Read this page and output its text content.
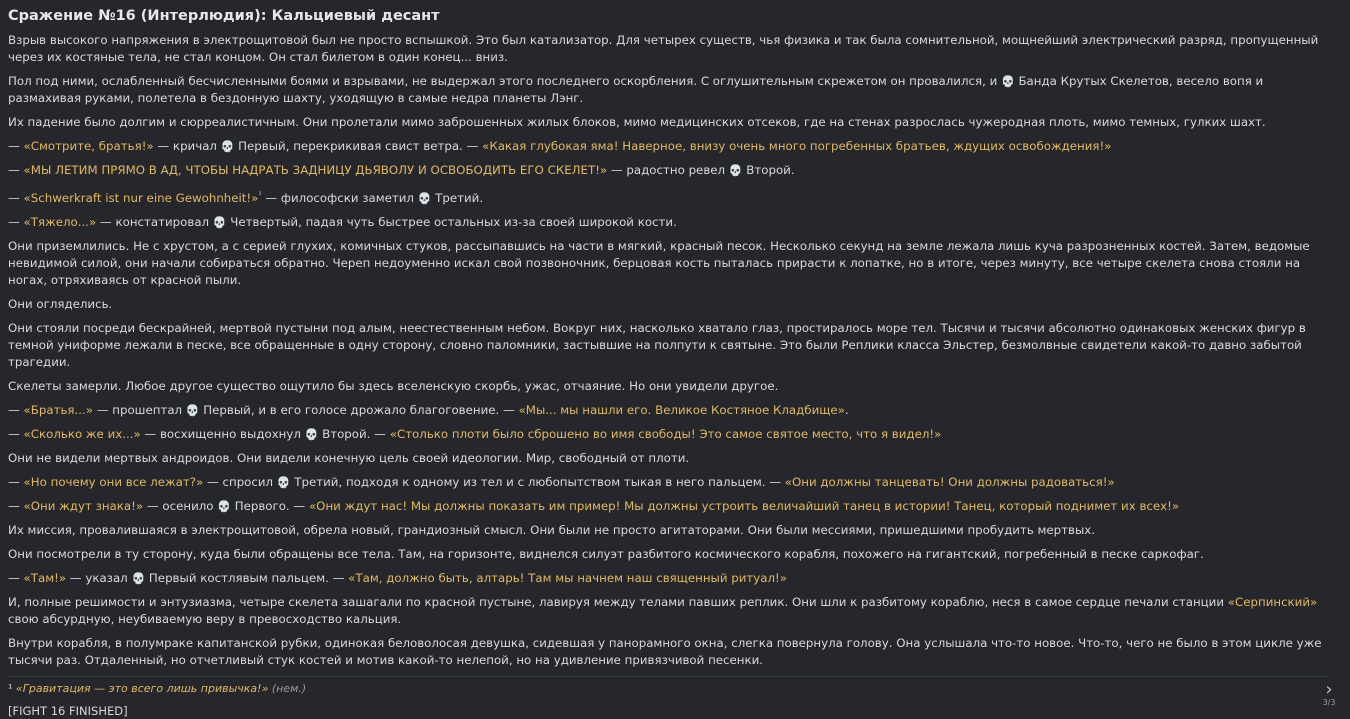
Сражение №16 (Интерлюдия): Кальциевый десант

Взрыв высокого напряжения в электрощитовой был не просто вспышкой. Это был катализатор. Для четырех существ, чья физика и так была сомнительной, мощнейший электрический разряд, пропущенный через их костяные тела, не стал концом. Он стал билетом в один конец... вниз.

Пол под ними, ослабленный бесчисленными боями и взрывами, не выдержал этого последнего оскорбления. С оглушительным скрежетом он провалился, и 💀 Банда Крутых Скелетов, весело вопя и размахивая руками, полетела в бездонную шахту, уходящую в самые недра планеты Лэнг.

Их падение было долгим и сюрреалистичным. Они пролетали мимо заброшенных жилых блоков, мимо медицинских отсеков, где на стенах разрослась чужеродная плоть, мимо темных, гулких шахт.

— «Смотрите, братья!» — кричал 💀 Первый, перекрикивая свист ветра. — «Какая глубокая яма! Наверное, внизу очень много погребенных братьев, ждущих освобождения!»

— «МЫ ЛЕТИМ ПРЯМО В АД, ЧТОБЫ НАДРАТЬ ЗАДНИЦУ ДЬЯВОЛУ И ОСВОБОДИТЬ ЕГО СКЕЛЕТ!» — радостно ревел 💀 Второй.

— «Schwerkraft ist nur eine Gewohnheit!»$^{^1}$ — философски заметил 💀 Третий.

— «Тяжело...» — констатировал 💀 Четвертый, падая чуть быстрее остальных из-за своей широкой кости.

Они приземлились. Не с хрустом, а с серией глухих, комичных стуков, рассыпавшись на части в мягкий, красный песок. Несколько секунд на земле лежала лишь куча разрозненных костей. Затем, ведомые невидимой силой, они начали собираться обратно. Череп недоуменно искал свой позвоночник, берцовая кость пыталась прирасти к лопатке, но в итоге, через минуту, все четыре скелета снова стояли на ногах, отряхиваясь от красной пыли.

Они огляделись.

Они стояли посреди бескрайней, мертвой пустыни под алым, неестественным небом. Вокруг них, насколько хватало глаз, простиралось море тел. Тысячи и тысячи абсолютно одинаковых женских фигур в темной униформе лежали в песке, все обращенные в одну сторону, словно паломники, застывшие на полпути к святыне. Это были Реплики класса Эльстер, безмолвные свидетели какой-то давно забытой трагедии.

Скелеты замерли. Любое другое существо ощутило бы здесь вселенскую скорбь, ужас, отчаяние. Но они увидели другое.

— «Братья...» — прошептал 💀 Первый, и в его голосе дрожало благоговение. — «Мы... мы нашли его. Великое Костяное Кладбище».

— «Сколько же их...» — восхищенно выдохнул 💀 Второй. — «Столько плоти было сброшено во имя свободы! Это самое святое место, что я видел!»

Они не видели мертвых андроидов. Они видели конечную цель своей идеологии. Мир, свободный от плоти.

— «Но почему они все лежат?» — спросил 💀 Третий, подходя к одному из тел и с любопытством тыкая в него пальцем. — «Они должны танцевать! Они должны радоваться!»

— «Они ждут знака!» — осенило 💀 Первого. — «Они ждут нас! Мы должны показать им пример! Мы должны устроить величайший танец в истории! Танец, который поднимет их всех!»

Их миссия, провалившаяся в электрощитовой, обрела новый, грандиозный смысл. Они были не просто агитаторами. Они были мессиями, пришедшими пробудить мертвых.

Они посмотрели в ту сторону, куда были обращены все тела. Там, на горизонте, виднелся силуэт разбитого космического корабля, похожего на гигантский, погребенный в песке саркофаг.

— «Там!» — указал 💀 Первый костлявым пальцем. — «Там, должно быть, алтарь! Там мы начнем наш священный ритуал!»

И, полные решимости и энтузиазма, четыре скелета зашагали по красной пустыне, лавируя между телами павших реплик. Они шли к разбитому кораблю, неся в самое сердце печали станции «Серпинский» свою абсурдную, неубиваемую веру в превосходство кальция.

Внутри корабля, в полумраке капитанской рубки, одинокая беловолосая девушка, сидевшая у панорамного окна, слегка повернула голову. Она услышала что-то новое. Что-то, чего не было в этом цикле уже тысячи раз. Отдаленный, но отчетливый стук костей и мотив какой-то нелепой, но на удивление привязчивой песенки.

¹ «Гравитация — это всего лишь привычка!» (нем.)

[FIGHT 16 FINISHED]

›
3/3
